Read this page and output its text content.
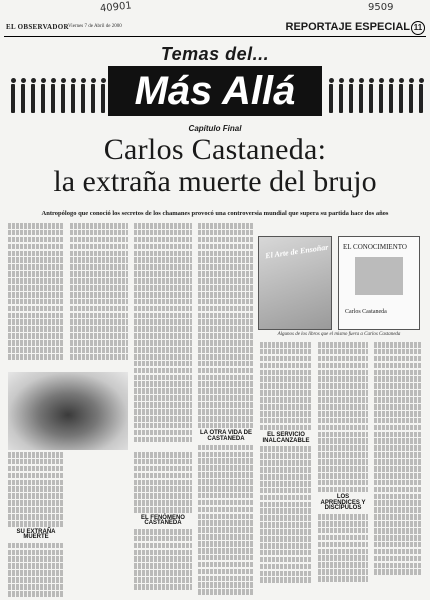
40901	9509
EL OBSERVADOR Viernes 7 de Abril de 2000	REPORTAJE ESPECIAL 11
Temas del...
Más Allá
Capítulo Final
Carlos Castaneda:
la extraña muerte del brujo
Antropólogo que conoció los secretos de los chamanes provocó una controversia mundial que supera su partida hace dos años
SU EXTRAÑA MUERTE
EL FENÓMENO CASTANEDA
LA OTRA VIDA DE CASTANEDA
El Arte de Ensoñar EL CONOCIMIENTO
Carlos Castaneda
Algunos de los libros que el mismo fuera a Carlos Castaneda
EL SERVICIO INALCANZABLE
LOS APRENDICES Y DISCÍPULOS
